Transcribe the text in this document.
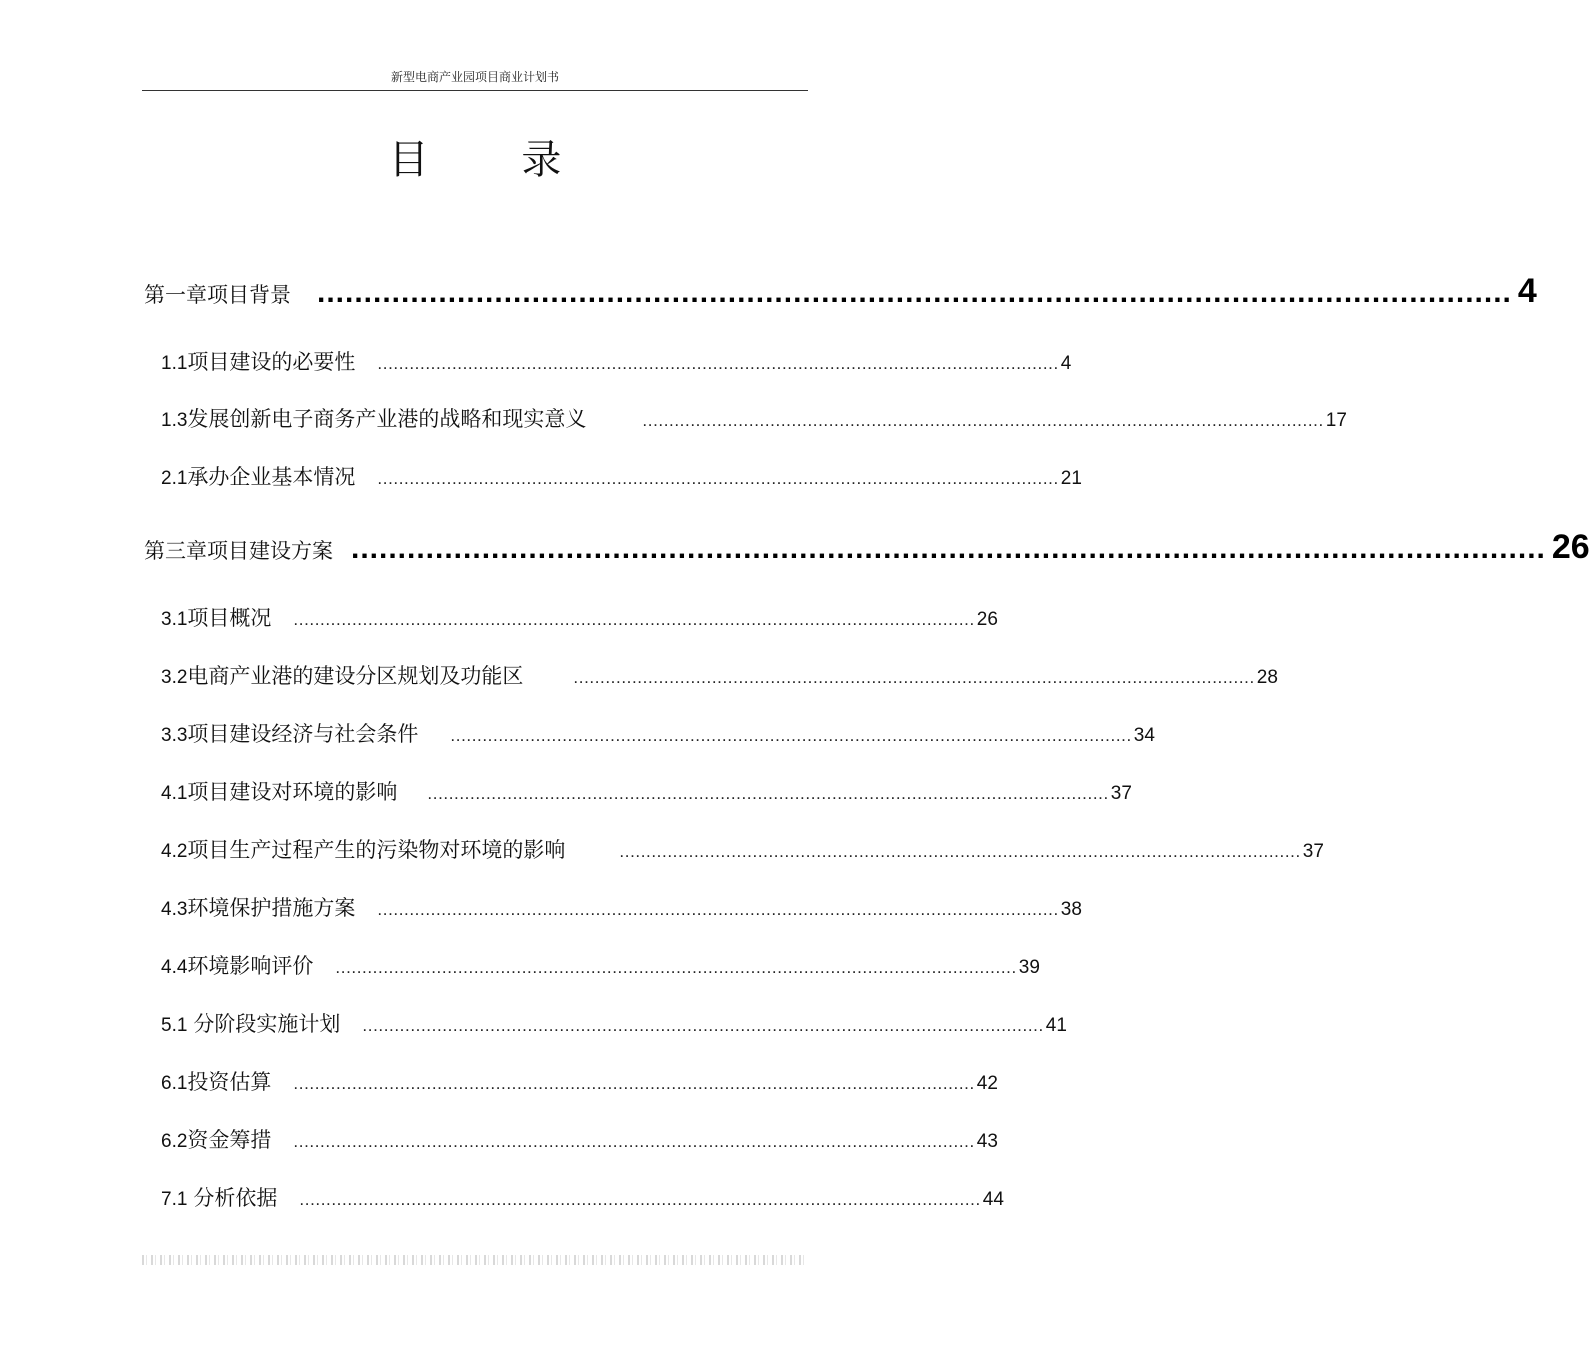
新型电商产业园项目商业计划书
目 录
第一章 项目背景 ................................................................................................................................ 4
1.1 项目建设的必要性 ................................................................................................................................ 4
1.3 发展创新电子商务产业港的战略和现实意义	................................................................................................................................ 17
2.1 承办企业基本情况 ................................................................................................................................ 21
第三章 项目建设方案 ................................................................................................................................ 26
3.1 项目概况 ................................................................................................................................ 26
3.2 电商产业港的建设分区规划及功能区	................................................................................................................................ 28
3.3 项目建设经济与社会条件 ................................................................................................................................ 34
4.1 项目建设对环境的影响 ................................................................................................................................ 37
4.2 项目生产过程产生的污染物对环境的影响	................................................................................................................................ 37
4.3 环境保护措施方案 ................................................................................................................................ 38
4.4 环境影响评价 ................................................................................................................................ 39
5.1 分阶段实施计划 ................................................................................................................................ 41
6.1 投资估算 ................................................................................................................................ 42
6.2 资金筹措 ................................................................................................................................ 43
7.1 分析依据 ................................................................................................................................ 44
